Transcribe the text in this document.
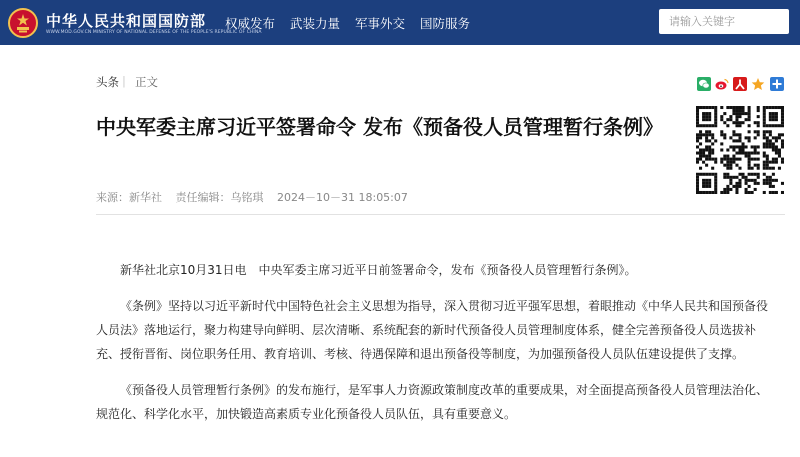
中华人民共和国国防部
WWW.MOD.GOV.CN MINISTRY OF NATIONAL DEFENSE OF THE PEOPLE'S REPUBLIC OF CHINA
权威发布 武装力量 军事外交 国防服务
请输入关键字
头条 | 正文
中央军委主席习近平签署命令 发布《预备役人员管理暂行条例》
来源：新华社 责任编辑：乌铭琪 2024－10－31 18:05:07

新华社北京10月31日电　中央军委主席习近平日前签署命令，发布《预备役人员管理暂行条例》。

《条例》坚持以习近平新时代中国特色社会主义思想为指导，深入贯彻习近平强军思想，着眼推动《中华人民共和国预备役人员法》落地运行，聚力构建导向鲜明、层次清晰、系统配套的新时代预备役人员管理制度体系，健全完善预备役人员选拔补充、授衔晋衔、岗位职务任用、教育培训、考核、待遇保障和退出预备役等制度，为加强预备役人员队伍建设提供了支撑。

《预备役人员管理暂行条例》的发布施行，是军事人力资源政策制度改革的重要成果，对全面提高预备役人员管理法治化、规范化、科学化水平，加快锻造高素质专业化预备役人员队伍，具有重要意义。
